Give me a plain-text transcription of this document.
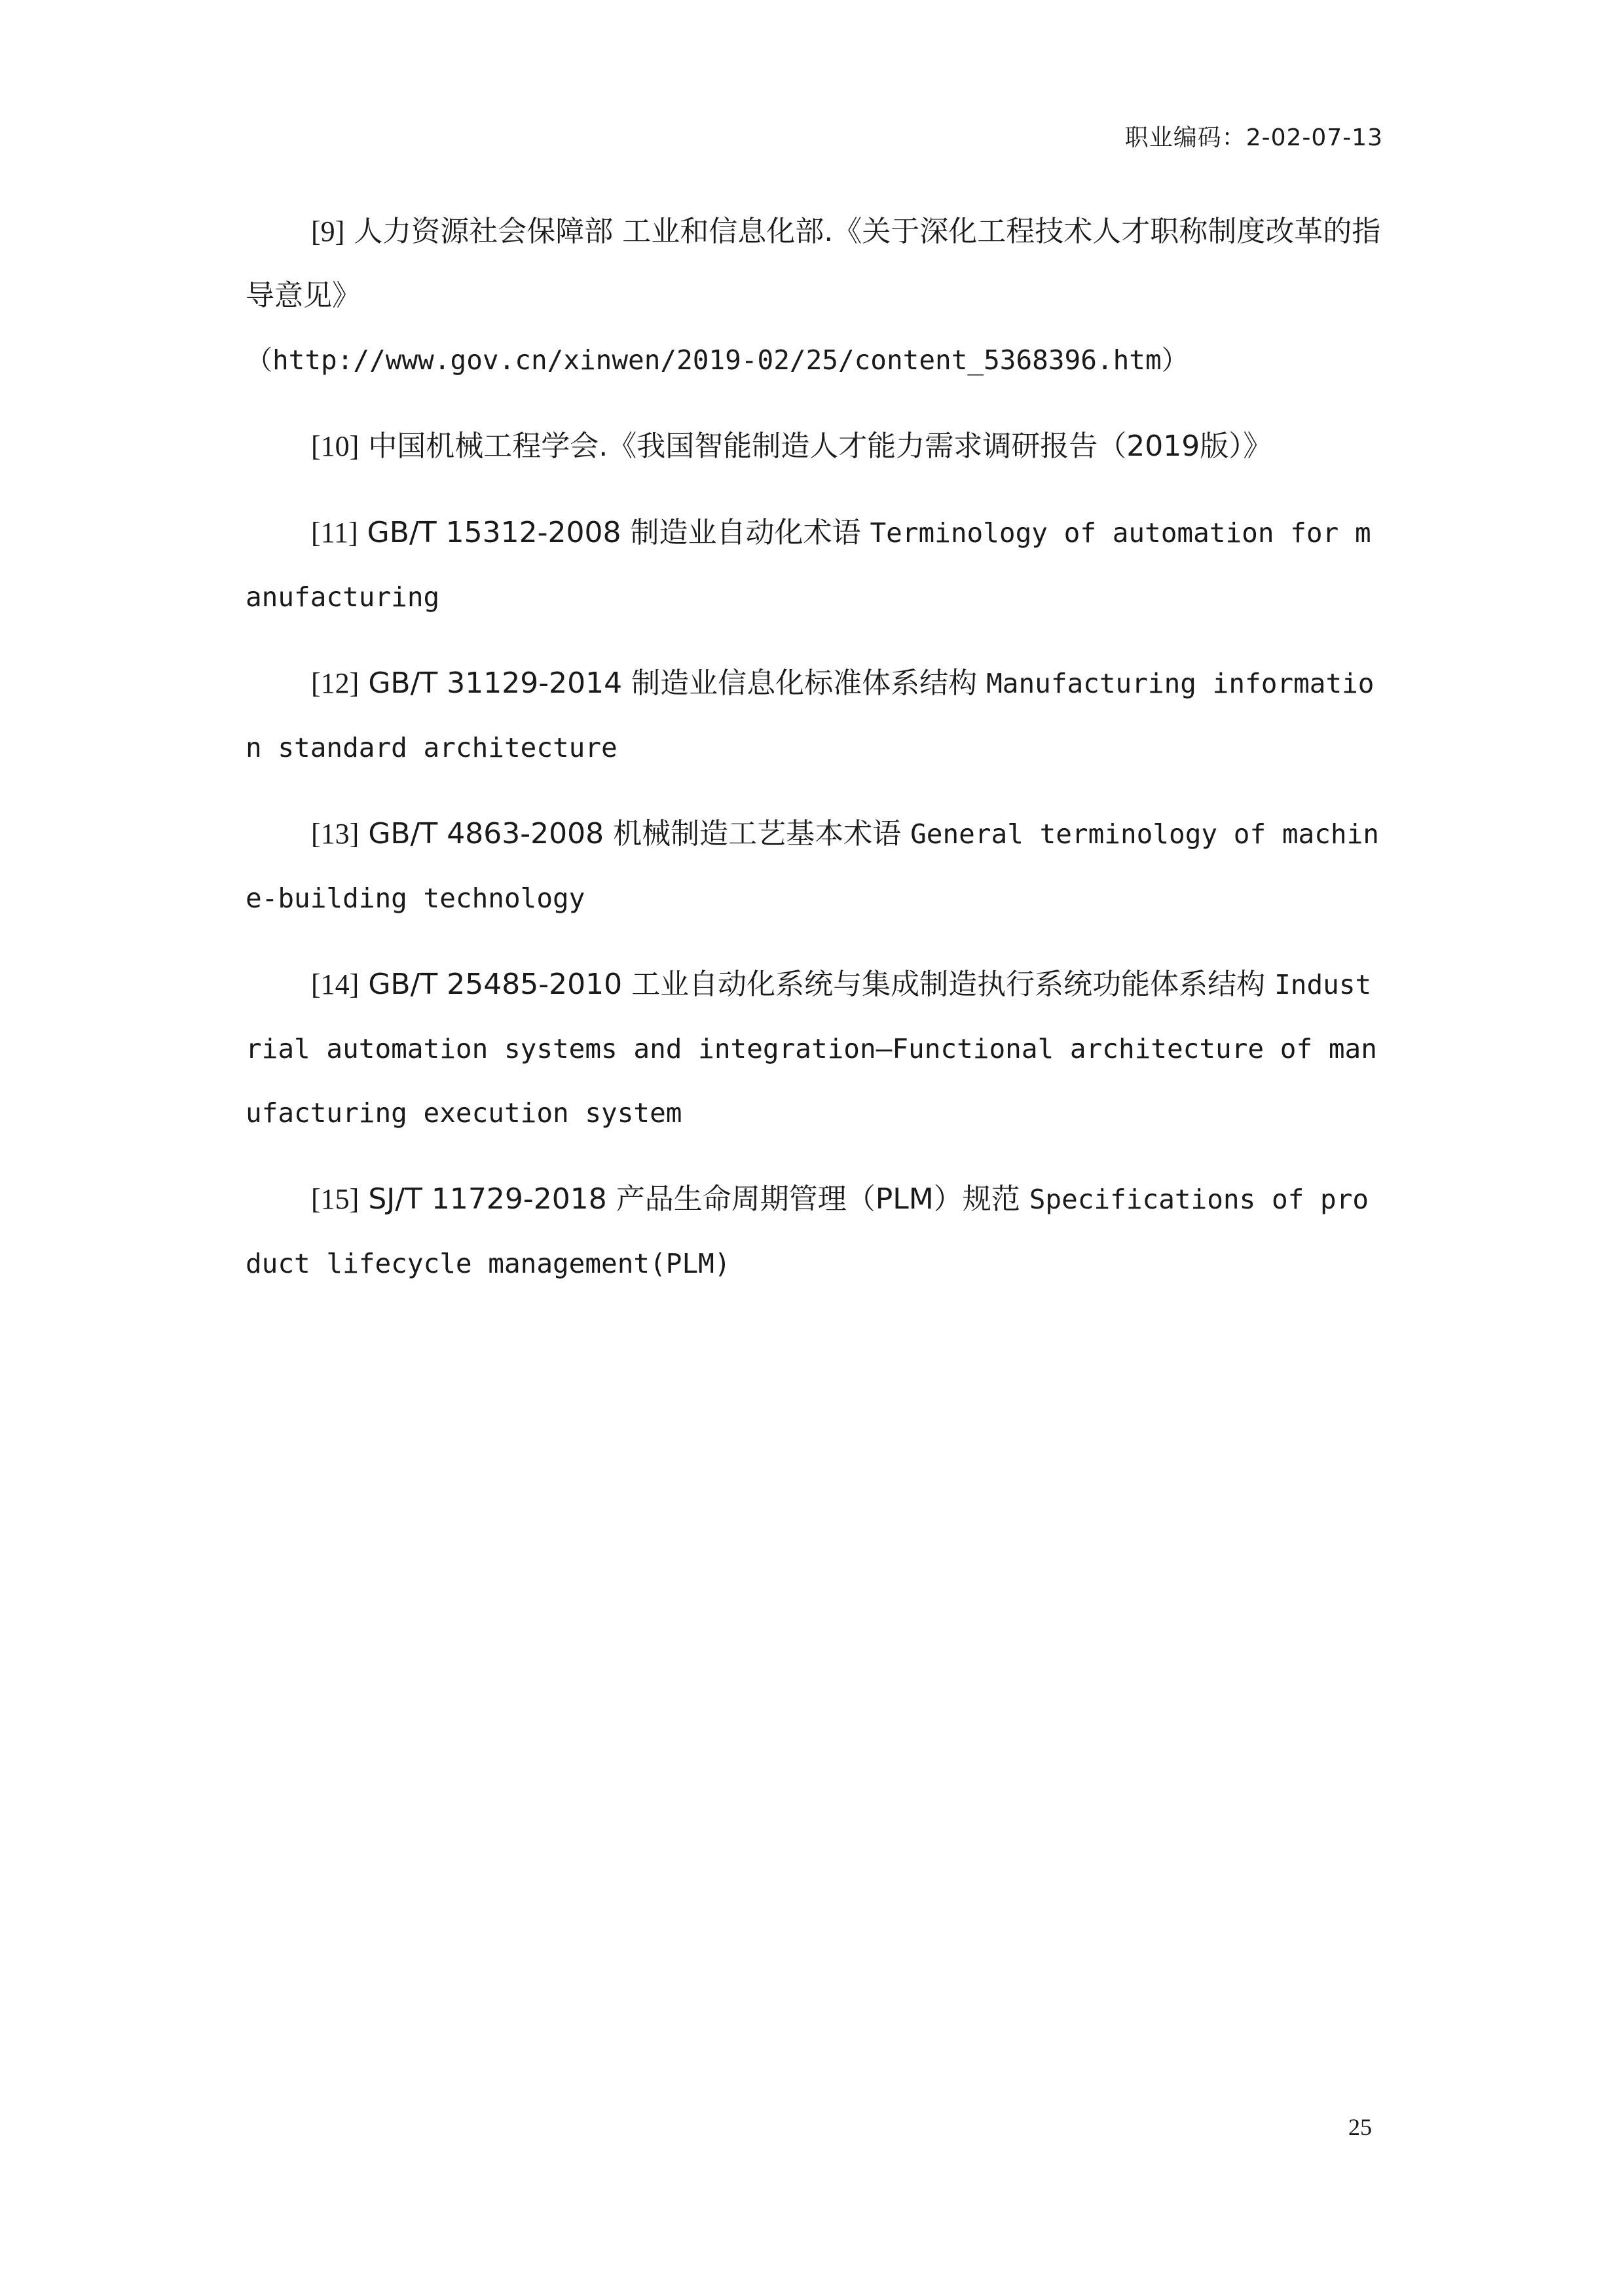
职业编码：2-02-07-13

[9] 人力资源社会保障部 工业和信息化部.《关于深化工程技术人才职称制度改革的指导意见》
（http://www.gov.cn/xinwen/2019-02/25/content_5368396.htm）

[10] 中国机械工程学会.《我国智能制造人才能力需求调研报告（2019版）》

[11] GB/T 15312-2008 制造业自动化术语 Terminology of automation for manufacturing

[12] GB/T 31129-2014 制造业信息化标准体系结构 Manufacturing information standard architecture

[13] GB/T 4863-2008 机械制造工艺基本术语 General terminology of machine-building technology

[14] GB/T 25485-2010 工业自动化系统与集成制造执行系统功能体系结构 Industrial automation systems and integration—Functional architecture of manufacturing execution system

[15] SJ/T 11729-2018 产品生命周期管理（PLM）规范 Specifications of product lifecycle management(PLM)

25
